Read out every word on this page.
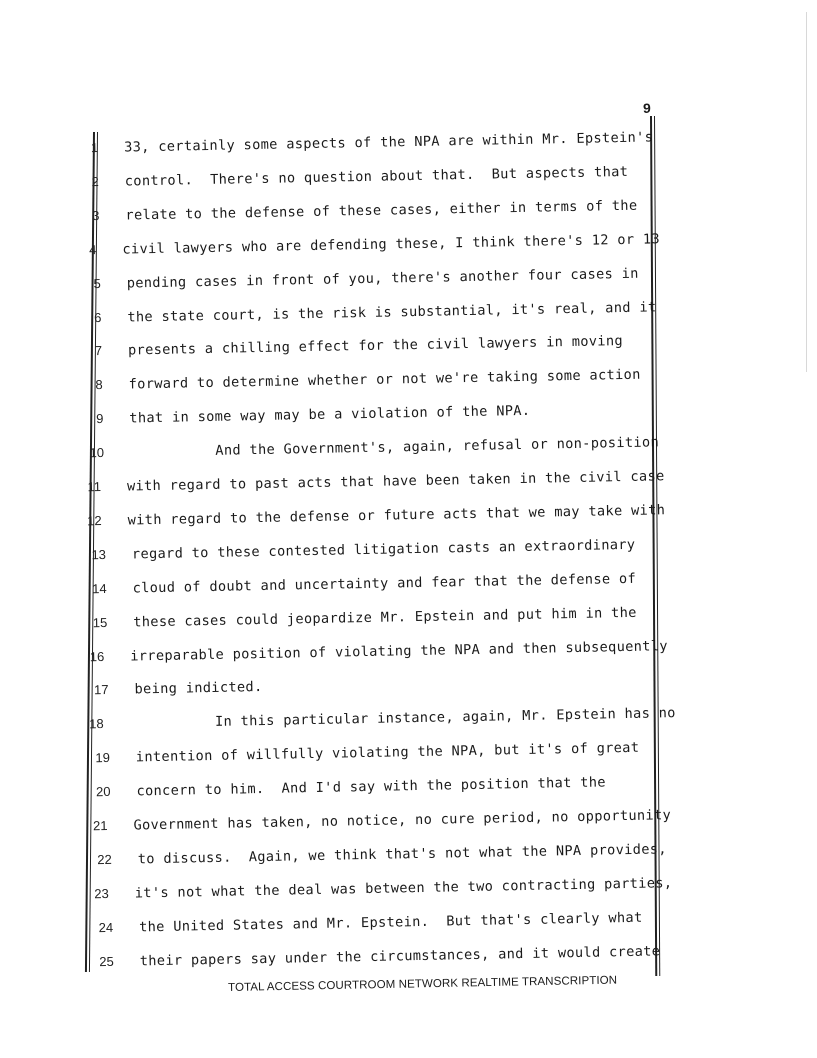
9
1 33, certainly some aspects of the NPA are within Mr. Epstein's
2 control.  There's no question about that.  But aspects that
3 relate to the defense of these cases, either in terms of the
4 civil lawyers who are defending these, I think there's 12 or 13
5 pending cases in front of you, there's another four cases in
6 the state court, is the risk is substantial, it's real, and it
7 presents a chilling effect for the civil lawyers in moving
8 forward to determine whether or not we're taking some action
9 that in some way may be a violation of the NPA.
10 And the Government's, again, refusal or non-position
11 with regard to past acts that have been taken in the civil case
12 with regard to the defense or future acts that we may take with
13 regard to these contested litigation casts an extraordinary
14 cloud of doubt and uncertainty and fear that the defense of
15 these cases could jeopardize Mr. Epstein and put him in the
16 irreparable position of violating the NPA and then subsequently
17 being indicted.
18 In this particular instance, again, Mr. Epstein has no
19 intention of willfully violating the NPA, but it's of great
20 concern to him.  And I'd say with the position that the
21 Government has taken, no notice, no cure period, no opportunity
22 to discuss.  Again, we think that's not what the NPA provides,
23 it's not what the deal was between the two contracting parties,
24 the United States and Mr. Epstein.  But that's clearly what
25 their papers say under the circumstances, and it would create
TOTAL ACCESS COURTROOM NETWORK REALTIME TRANSCRIPTION
